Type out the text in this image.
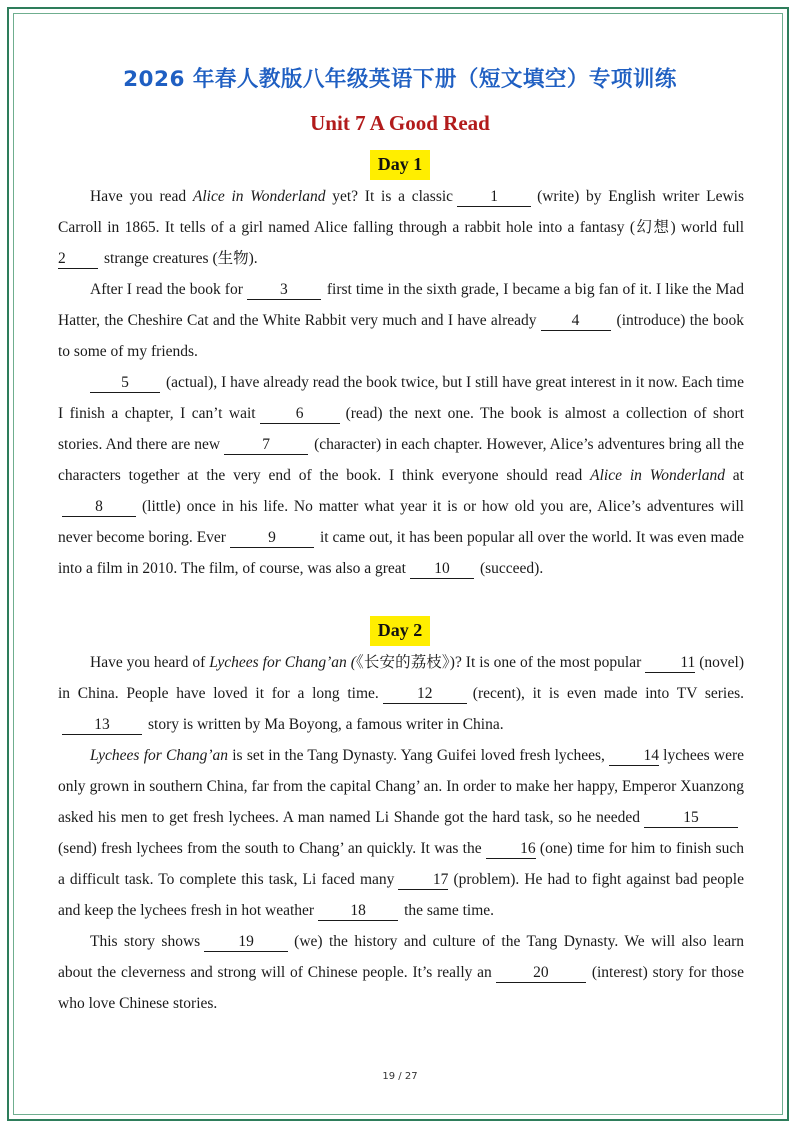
2026 年春人教版八年级英语下册（短文填空）专项训练
Unit 7 A Good Read
Day 1

Have you read Alice in Wonderland yet? It is a classic 1	(write) by English writer Lewis Carroll in 1865. It tells of a girl named Alice falling through a rabbit hole into a fantasy (幻想) world full 2 strange creatures (生物).

After I read the book for 3	first time in the sixth grade, I became a big fan of it. I like the Mad Hatter, the Cheshire Cat and the White Rabbit very much and I have already 4 (introduce) the book to some of my friends.

5 (actual), I have already read the book twice, but I still have great interest in it now. Each time I finish a chapter, I can’t wait	6	(read) the next one. The book is almost a collection of short stories. And there are new	7	(character) in each chapter. However, Alice’s adventures bring all the characters together at the very end of the book. I think everyone should read Alice in Wonderland at8	(little) once in his life. No matter what year it is or how old you are, Alice’s adventures will never become boring. Ever	9	it came out, it has been popular all over the world. It was even made into a film in 2010. The film, of course, was also a great 10 (succeed).

Day 2

Have you heard of Lychees for Chang’an (《长安的荔枝》)? It is one of the most popular	11 (novel) in China. People have loved it for a long time. 12	(recent), it is even made into TV series.13 story is written by Ma Boyong, a famous writer in China.

Lychees for Chang’an is set in the Tang Dynasty. Yang Guifei loved fresh lychees, 14 lychees were only grown in southern China, far from the capital Chang’ an. In order to make her happy, Emperor Xuanzong asked his men to get fresh lychees. A man named Li Shande got the hard task, so he needed	15(send) fresh lychees from the south to Chang’ an quickly. It was the 16 (one) time for him to finish such a difficult task. To complete this task, Li faced many 17 (problem). He had to fight against bad people and keep the lychees fresh in hot weather 18 the same time.

This story shows 19	(we) the history and culture of the Tang Dynasty. We will also learn about the cleverness and strong will of Chinese people. It’s really an	20	(interest) story for those who love Chinese stories.

19 / 27
